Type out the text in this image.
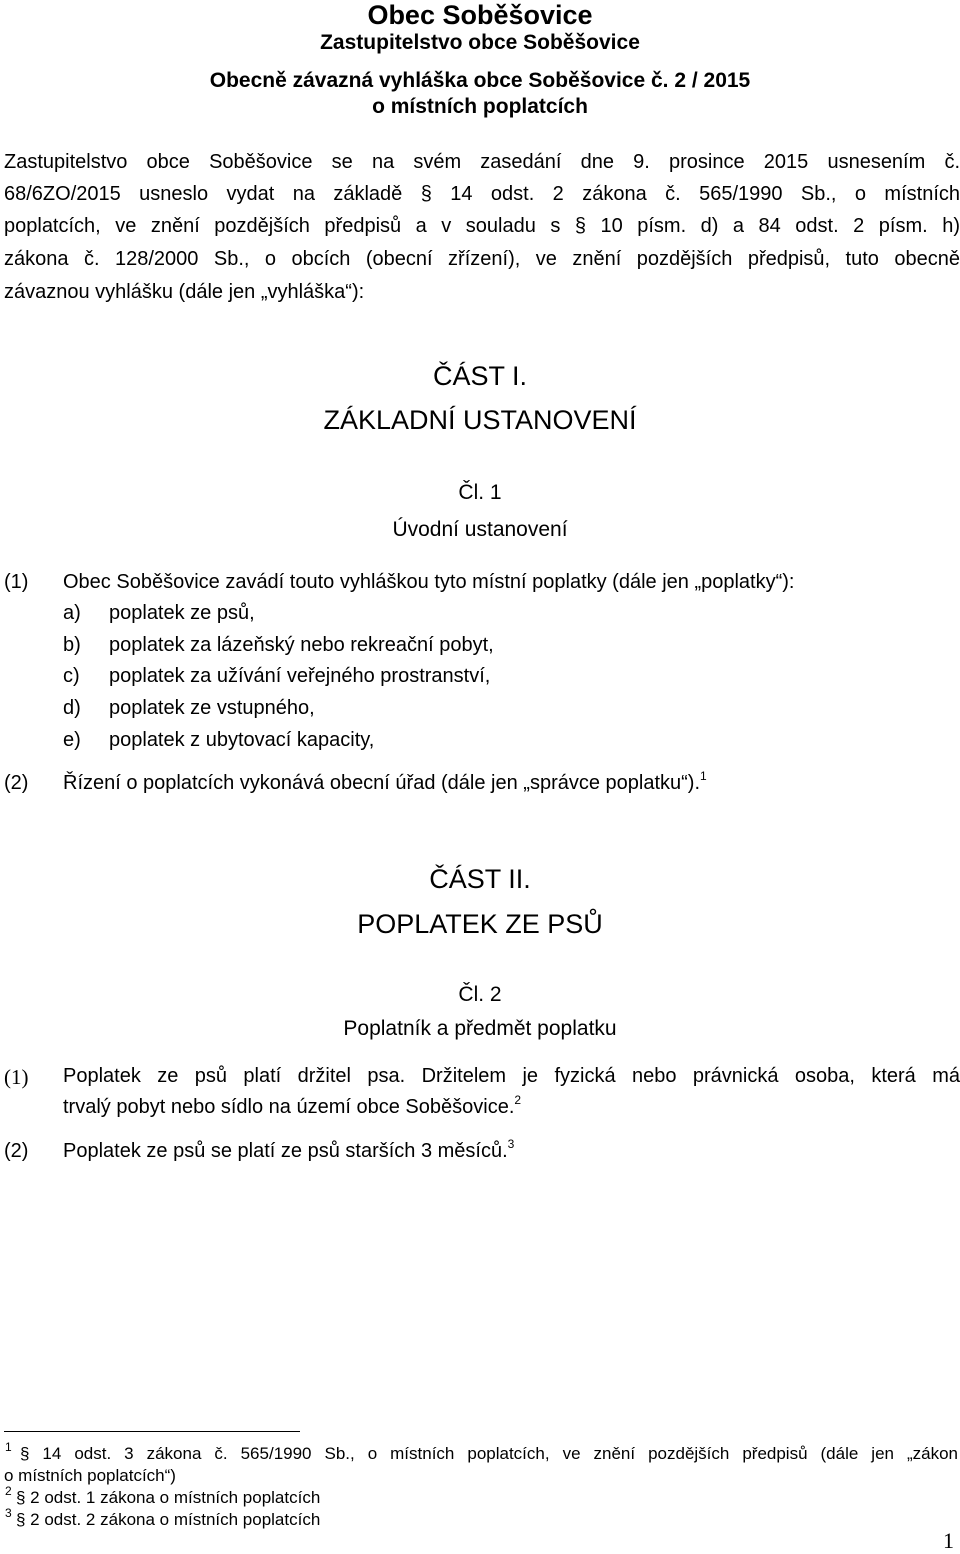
Obec Soběšovice
Zastupitelstvo obce Soběšovice
Obecně závazná vyhláška obce Soběšovice č. 2 / 2015
o místních poplatcích
Zastupitelstvo obce Soběšovice se na svém zasedání dne 9. prosince 2015 usnesením č.
68/6ZO/2015 usneslo vydat na základě § 14 odst. 2 zákona č. 565/1990 Sb., o místních
poplatcích, ve znění pozdějších předpisů a v souladu s § 10 písm. d) a 84 odst. 2 písm. h)
zákona č. 128/2000 Sb., o obcích (obecní zřízení), ve znění pozdějších předpisů, tuto obecně
závaznou vyhlášku (dále jen „vyhláška“):
ČÁST I.
ZÁKLADNÍ USTANOVENÍ
Čl. 1
Úvodní ustanovení
(1) Obec Soběšovice zavádí touto vyhláškou tyto místní poplatky (dále jen „poplatky“):
a) poplatek ze psů,
b) poplatek za lázeňský nebo rekreační pobyt,
c) poplatek za užívání veřejného prostranství,
d) poplatek ze vstupného,
e) poplatek z ubytovací kapacity,
(2) Řízení o poplatcích vykonává obecní úřad (dále jen „správce poplatku“).$^1$
ČÁST II.
POPLATEK ZE PSŮ
Čl. 2
Poplatník a předmět poplatku
(1) Poplatek ze psů platí držitel psa. Držitelem je fyzická nebo právnická osoba, která má
trvalý pobyt nebo sídlo na území obce Soběšovice.$^2$
(2) Poplatek ze psů se platí ze psů starších 3 měsíců.$^3$
1 § 14 odst. 3 zákona č. 565/1990 Sb., o místních poplatcích, ve znění pozdějších předpisů (dále jen „zákon
o místních poplatcích“)
2 § 2 odst. 1 zákona o místních poplatcích
3 § 2 odst. 2 zákona o místních poplatcích
1
